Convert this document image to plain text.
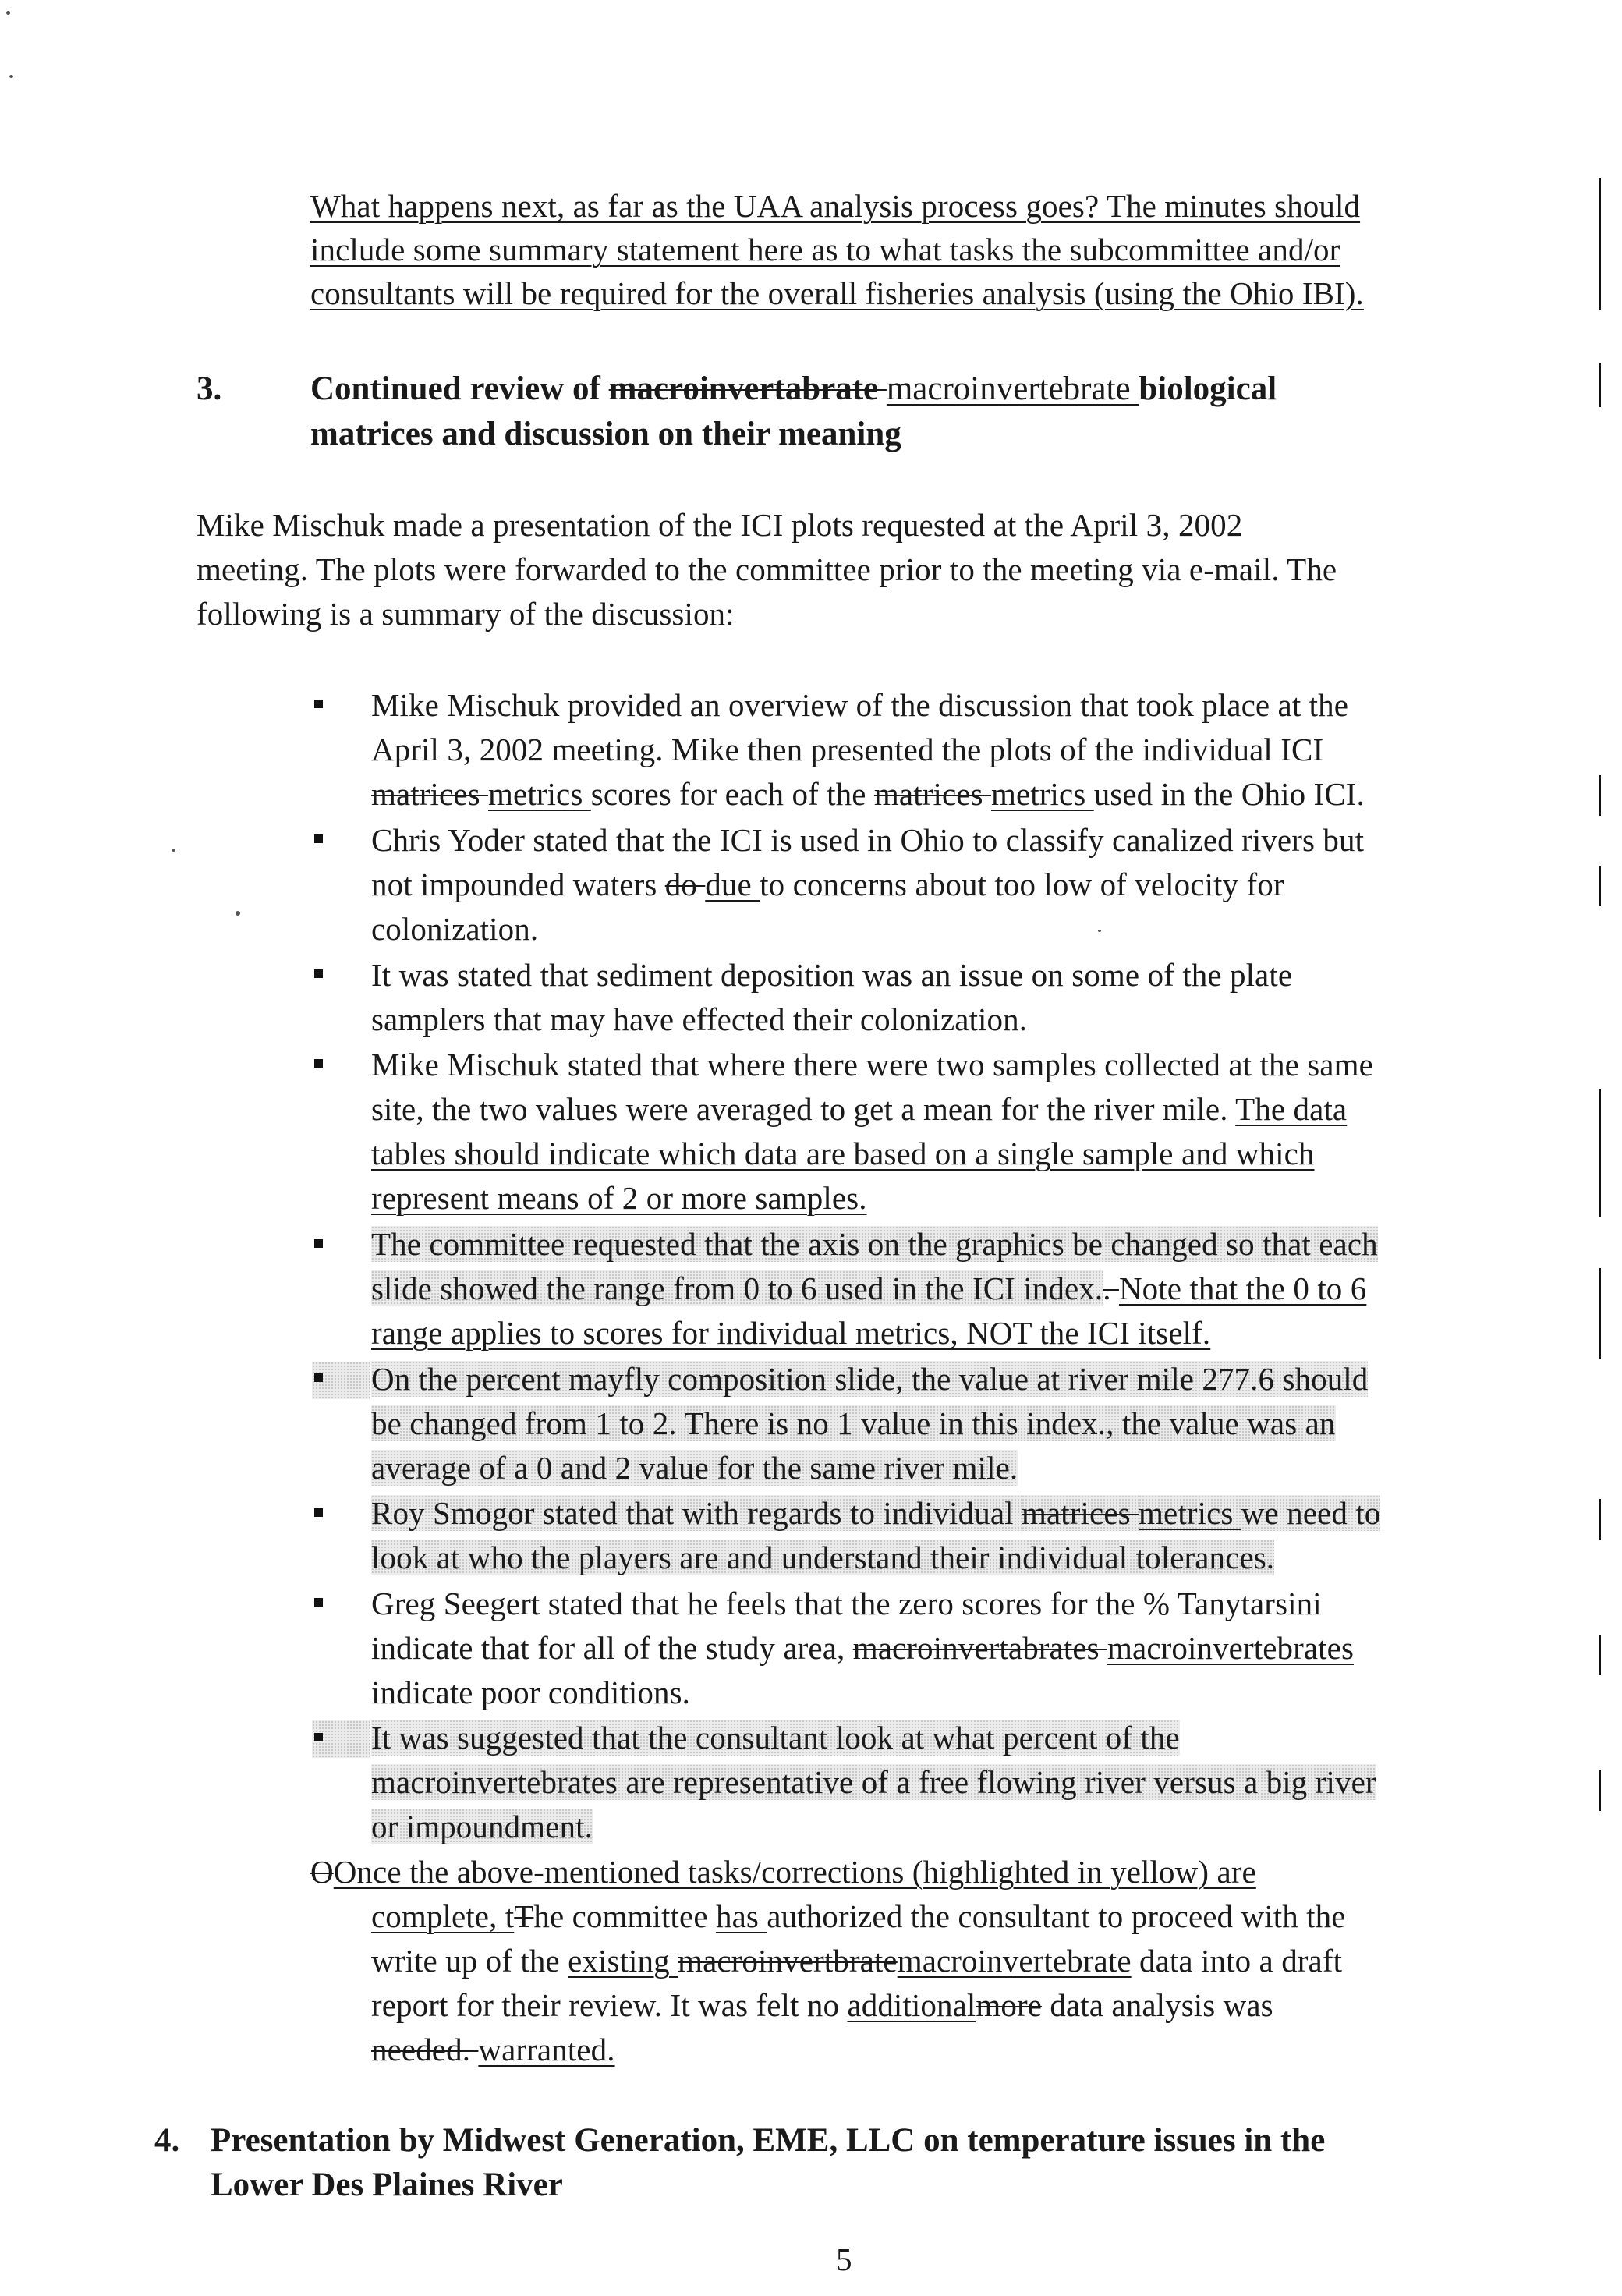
What happens next, as far as the UAA analysis process goes? The minutes should
include some summary statement here as to what tasks the subcommittee and/or
consultants will be required for the overall fisheries analysis (using the Ohio IBI).
3.	Continued review of macroinvertabrate macroinvertebrate biological
matrices and discussion on their meaning
Mike Mischuk made a presentation of the ICI plots requested at the April 3, 2002
meeting. The plots were forwarded to the committee prior to the meeting via e-mail. The
following is a summary of the discussion:
Mike Mischuk provided an overview of the discussion that took place at the
April 3, 2002 meeting. Mike then presented the plots of the individual ICI
matrices metrics scores for each of the matrices metrics used in the Ohio ICI.
Chris Yoder stated that the ICI is used in Ohio to classify canalized rivers but
not impounded waters do due to concerns about too low of velocity for
colonization.
It was stated that sediment deposition was an issue on some of the plate
samplers that may have effected their colonization.
Mike Mischuk stated that where there were two samples collected at the same
site, the two values were averaged to get a mean for the river mile. The data
tables should indicate which data are based on a single sample and which
represent means of 2 or more samples.
The committee requested that the axis on the graphics be changed so that each
slide showed the range from 0 to 6 used in the ICI index.. Note that the 0 to 6
range applies to scores for individual metrics, NOT the ICI itself.
On the percent mayfly composition slide, the value at river mile 277.6 should
be changed from 1 to 2. There is no 1 value in this index., the value was an
average of a 0 and 2 value for the same river mile.
Roy Smogor stated that with regards to individual matrices metrics we need to
look at who the players are and understand their individual tolerances.
Greg Seegert stated that he feels that the zero scores for the % Tanytarsini
indicate that for all of the study area, macroinvertabrates macroinvertebrates
indicate poor conditions.
It was suggested that the consultant look at what percent of the
macroinvertebrates are representative of a free flowing river versus a big river
or impoundment.
OOnce the above-mentioned tasks/corrections (highlighted in yellow) are
complete, tThe committee has authorized the consultant to proceed with the
write up of the existing macroinvertbratemacroinvertebrate data into a draft
report for their review. It was felt no additionalmore data analysis was
needed. warranted.
4. Presentation by Midwest Generation, EME, LLC on temperature issues in the
Lower Des Plaines River
5
